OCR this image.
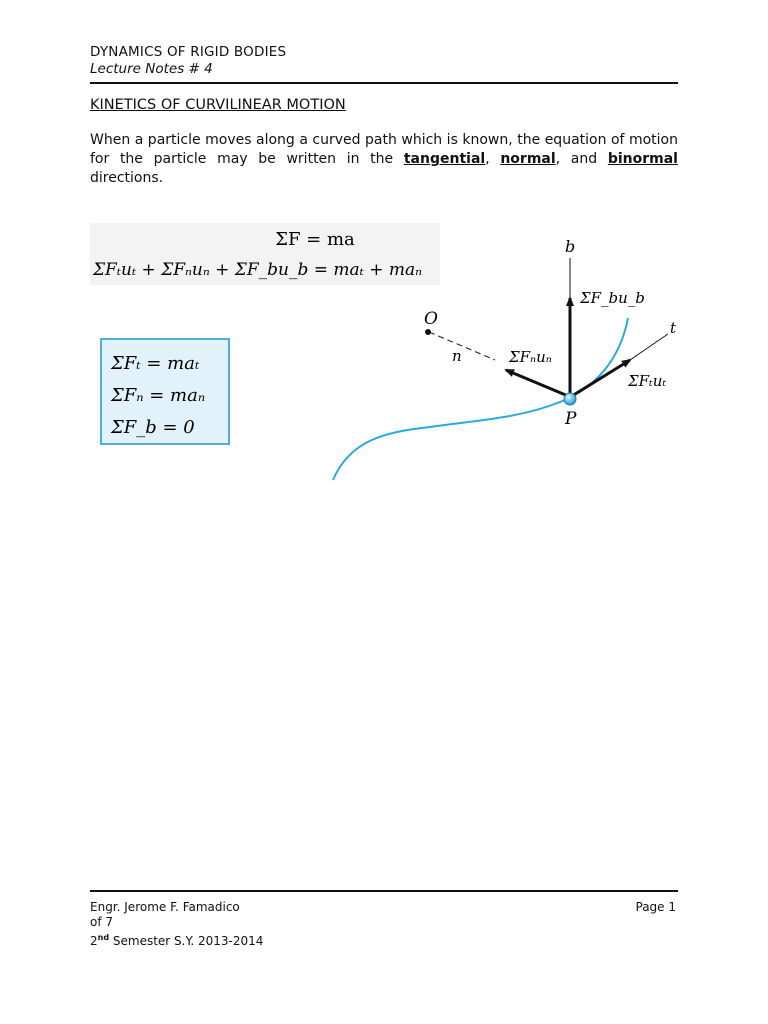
DYNAMICS OF RIGID BODIES
Lecture Notes # 4
KINETICS OF CURVILINEAR MOTION
When a particle moves along a curved path which is known, the equation of motion for the particle may be written in the tangential, normal, and binormal directions.
ΣF = ma
ΣFₜuₜ + ΣFₙuₙ + ΣF_bu_b = maₜ + maₙ
ΣFₜ = maₜ
ΣFₙ = maₙ
ΣF_b = 0
O
n
b
t
P
ΣF_bu_b
ΣFₙuₙ
ΣFₜuₜ
Engr. Jerome F. Famadico
of 7
2nd Semester S.Y. 2013-2014
Page 1
